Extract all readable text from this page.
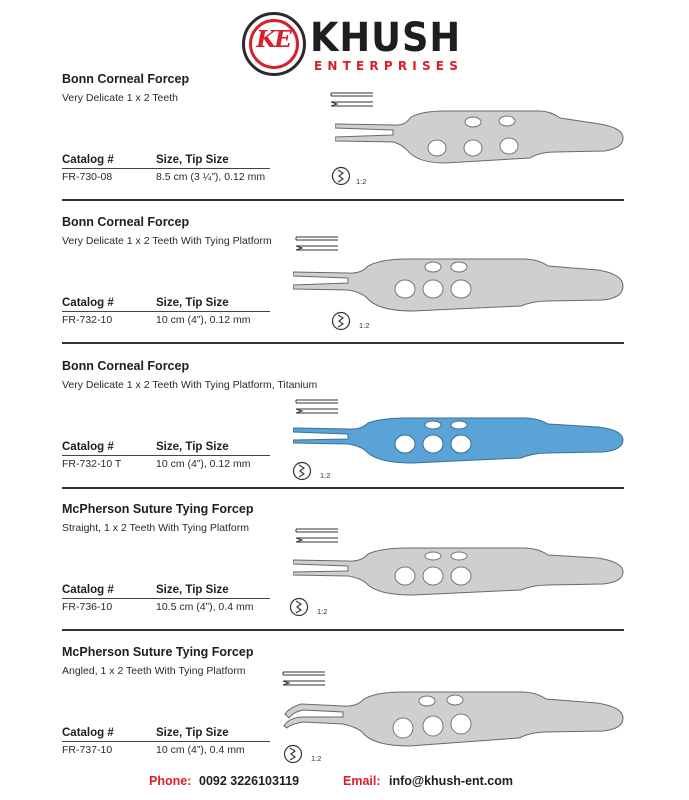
KE KHUSH
ENTERPRISES
Bonn Corneal Forcep
Very Delicate 1 x 2 Teeth
Catalog #	Size, Tip Size
FR-730-08	8.5 cm (3 ¼”), 0.12 mm	1:2
Bonn Corneal Forcep
Very Delicate 1 x 2 Teeth With Tying Platform
Catalog #	Size, Tip Size
FR-732-10	10 cm (4”), 0.12 mm	1:2
Bonn Corneal Forcep
Very Delicate 1 x 2 Teeth With Tying Platform, Titanium
Catalog #	Size, Tip Size
FR-732-10 T	10 cm (4”), 0.12 mm
1:2
McPherson Suture Tying Forcep
Straight, 1 x 2 Teeth With Tying Platform
Catalog #	Size, Tip Size
FR-736-10	10.5 cm (4”), 0.4 mm	1:2
McPherson Suture Tying Forcep
Angled, 1 x 2 Teeth With Tying Platform
Catalog #	Size, Tip Size
FR-737-10	10 cm (4”), 0.4 mm
1:2
Phone: 0092 3226103119	Email: info@khush-ent.com
